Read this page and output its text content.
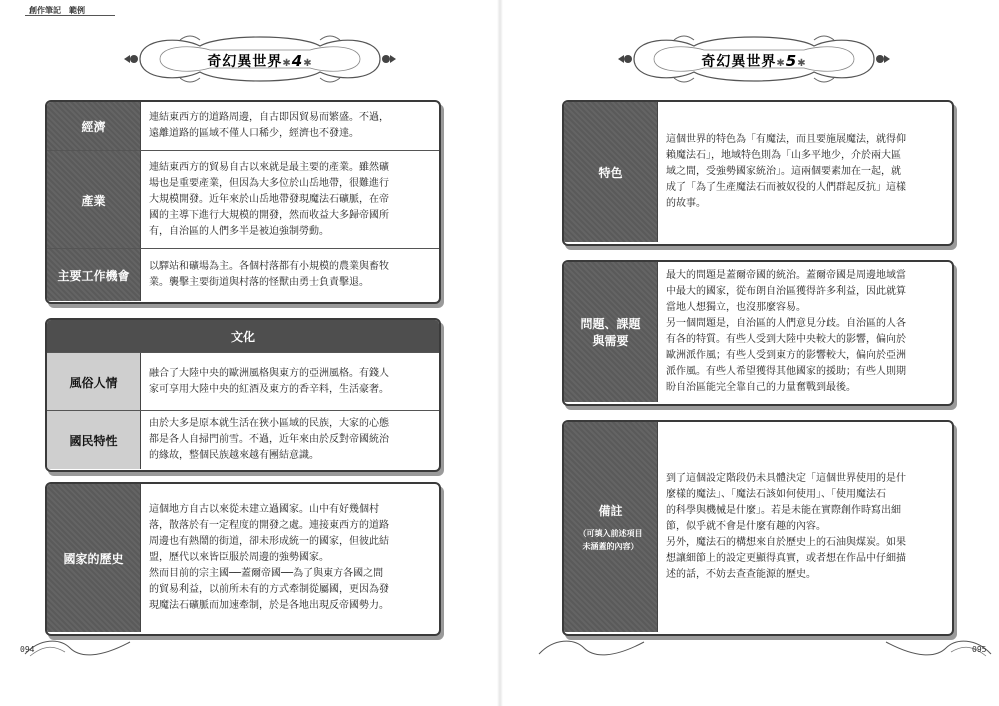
創作筆記　範例
奇幻異世界✱4✱
經濟
連結東西方的道路周邊，自古即因貿易而繁盛。不過，
遠離道路的區域不僅人口稀少，經濟也不發達。
產業
連結東西方的貿易自古以來就是最主要的產業。雖然礦
場也是重要產業，但因為大多位於山岳地帶，很難進行
大規模開發。近年來於山岳地帶發現魔法石礦脈，在帝
國的主導下進行大規模的開發，然而收益大多歸帝國所
有，自治區的人們多半是被迫強制勞動。
主要工作機會
以驛站和礦場為主。各個村落都有小規模的農業與畜牧
業。襲擊主要街道與村落的怪獸由勇士負責擊退。
文化
風俗人情
融合了大陸中央的歐洲風格與東方的亞洲風格。有錢人
家可享用大陸中央的紅酒及東方的香辛料，生活豪奢。
國民特性
由於大多是原本就生活在狹小區域的民族，大家的心態
都是各人自掃門前雪。不過，近年來由於反對帝國統治
的緣故，整個民族越來越有團結意識。
國家的歷史
這個地方自古以來從未建立過國家。山中有好幾個村
落，散落於有一定程度的開發之處。連接東西方的道路
周邊也有熱鬧的街道，卻未形成統一的國家，但彼此結
盟，歷代以來皆臣服於周邊的強勢國家。
然而目前的宗主國──蓋爾帝國──為了與東方各國之間
的貿易利益，以前所未有的方式牽制從屬國，更因為發
現魔法石礦脈而加速牽制，於是各地出現反帝國勢力。
094
奇幻異世界✱5✱
特色
這個世界的特色為「有魔法，而且要施展魔法，就得仰
賴魔法石」，地域特色則為「山多平地少，介於兩大區
域之間，受強勢國家統治」。這兩個要素加在一起，就
成了「為了生產魔法石而被奴役的人們群起反抗」這樣
的故事。
問題、課題
與需要
最大的問題是蓋爾帝國的統治。蓋爾帝國是周邊地域當
中最大的國家，從布朗自治區獲得許多利益，因此就算
當地人想獨立，也沒那麼容易。
另一個問題是，自治區的人們意見分歧。自治區的人各
有各的特質。有些人受到大陸中央較大的影響，偏向於
歐洲派作風；有些人受到東方的影響較大，偏向於亞洲
派作風。有些人希望獲得其他國家的援助；有些人則期
盼自治區能完全靠自己的力量奮戰到最後。
備註
（可填入前述項目
未涵蓋的內容）
到了這個設定階段仍未具體決定「這個世界使用的是什
麼樣的魔法」、「魔法石該如何使用」、「使用魔法石
的科學與機械是什麼」。若是未能在實際創作時寫出細
節，似乎就不會是什麼有趣的內容。
另外，魔法石的構想來自於歷史上的石油與煤炭。如果
想讓細節上的設定更顯得真實，或者想在作品中仔細描
述的話，不妨去查查能源的歷史。
095
